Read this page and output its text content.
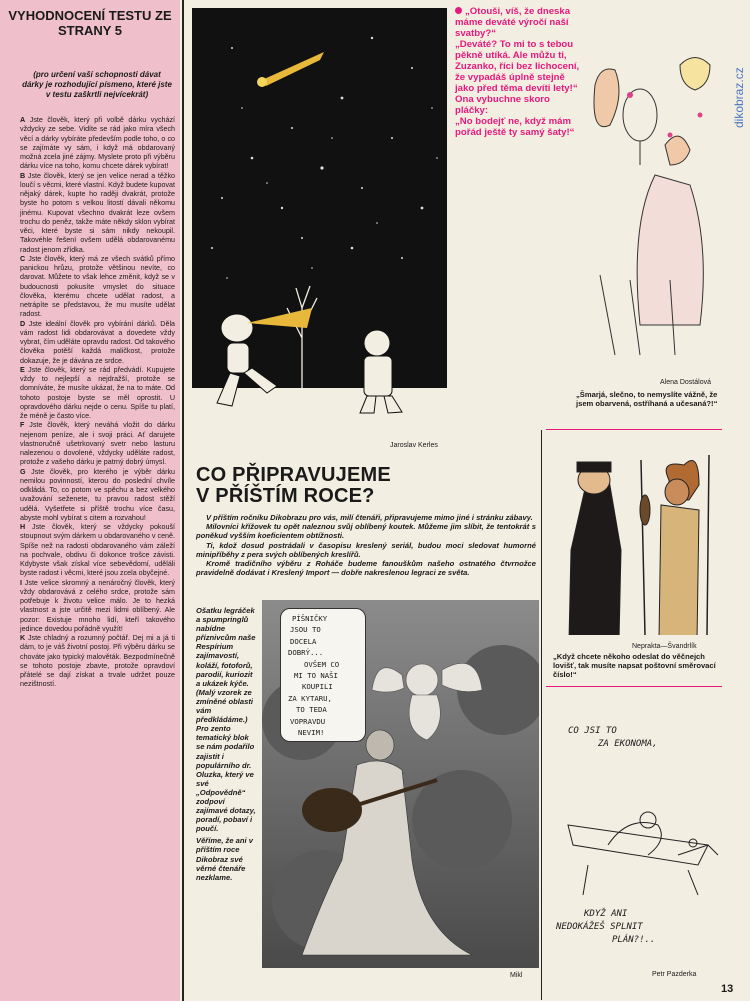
VYHODNOCENÍ TESTU ZE STRANY 5
(pro určení vaší schopnosti dávat dárky je rozhodující písmeno, které jste v testu zaškrtli nejvícekrát)

A Jste člověk, který při volbě dárku vychází vždycky ze sebe. Vidíte se rád jako míra všech věcí a dárky vybíráte především podle toho, o co se zajímáte vy sám, i když má obdarovaný možná zcela jiné zájmy. Myslete proto při výběru dárku více na toho, komu chcete dárek vybírat!

B Jste člověk, který se jen velice nerad a těžko loučí s věcmi, které vlastní. Když budete kupovat nějaký dárek, kupte ho raději dvakrát, protože byste ho potom s velkou litostí dávali někomu jinému. Kupovat všechno dvakrát leze ovšem trochu do peněz, takže máte někdy sklon vybírat věci, které byste si sám nikdy nekoupil. Takovéhle řešení ovšem udělá obdarovanému radost jenom zřídka.

C Jste člověk, který má ze všech svátků přímo panickou hrůzu, protože většinou nevíte, co darovat. Můžete to však lehce změnit, když se v budoucnosti pokusíte vmyslet do situace člověka, kterému chcete udělat radost, a netrápíte se představou, že mu musíte udělat radost.

D Jste ideální člověk pro vybírání dárků. Děla vám radost lidi obdarovávat a dovedete vždy vybrat, čím uděláte opravdu radost. Od takového člověka potěší každá maličkost, protože dokazuje, že je dávána ze srdce.

E Jste člověk, který se rád předvádí. Kupujete vždy to nejlepší a nejdražší, protože se domníváte, že musíte ukázat, že na to máte. Od tohoto postoje byste se měl oprostit. U opravdového dárku nejde o cenu. Spíše tu platí, že méně je často více.

F Jste člověk, který neváhá vložit do dárku nejenom peníze, ale i svoji práci. Ať darujete vlastnoručně ušetrkovaný svetr nebo lasturu nalezenou o dovolené, vždycky uděláte radost, protože z vašeho dárku je patrný dobrý úmysl.

G Jste člověk, pro kterého je výběr dárku nemilou povinností, kterou do poslední chvíle odkládá. To, co potom ve spěchu a bez velkého uvažování seženete, tu pravou radost stěží udělá. Vyšetřete si příště trochu více času, abyste mohl vybírat s citem a rozvahou!

H Jste člověk, který se vždycky pokouší stoupnout svým dárkem u obdarovaného v ceně. Spíše než na radosti obdarovaného vám záleží na pochvale, obdivu či dokonce trošce závisti. Kdybyste však získal více sebevědomí, uděláli byste radost i věcmi, které jsou zcela obyčejné.

I Jste velice skromný a nenáročný člověk, který vždy obdarovává z celého srdce, protože sám potřebuje k životu velice málo. Je to hezká vlastnost a jste určitě mezi lidmi oblíbený. Ale pozor: Existuje mnoho lidí, kteří takového jedince dovedou pořádně využít!

K Jste chladný a rozumný počtář. Dej mi a já ti dám, to je váš životní postoj. Při výběru dárku se chováte jako typický malověták. Bezpodmínečně se tohoto postoje zbavte, protože opravdoví přátelé se dají získat a trvale udržet pouze nezištností.

Jaroslav Kerles

„Otouši, víš, že dneska máme deváté výročí naší svatby?“

„Deváté? To mi to s tebou pěkně utíká. Ale můžu ti, Zuzanko, říci bez lichocení, že vypadáš úplně stejně jako před těma devíti lety!“

Ona vybuchne skoro pláčky:

„No bodejť ne, když mám pořád ještě ty samý šaty!“

dikobraz.cz
Alena Dostálová
„Šmarjá, slečno, to nemyslíte vážně, že jsem obarvená, ostříhaná a učesaná?!“
CO PŘIPRAVUJEME
V PŘÍŠTÍM ROCE?

V příštím ročníku Dikobrazu pro vás, milí čtenáři, připravujeme mimo jiné i stránku zábavy.

Milovníci křížovek tu opět naleznou svůj oblíbený koutek. Můžeme jim slíbit, že tentokrát s poněkud vyšším koeficientem obtížnosti.

Ti, kdož dosud postrádali v časopisu kreslený seriál, budou moci sledovat humorné minipříběhy z pera svých oblíbených kreslířů.

Kromě tradičního výběru z Roháče budeme fanouškům našeho ostnatého čtvrnožce pravidelně dodávat i Kreslený Import — dobře nakreslenou legraci ze světa.

Ošatku legráček a spumpringlů nabídne příznivcům naše Respírium zajímavostí, koláží, fotoforů, parodií, kuriozit a ukázek kýče. (Malý vzorek ze zmíněné oblasti vám předkládáme.) Pro zento tematický blok se nám podařilo zajistit i populárního dr. Oluzka, který ve své „Odpovědně“ zodpoví zajímavé dotazy, poradí, pobaví i poučí.

Věříme, že ani v příštím roce Dikobraz své věrné čtenáře nezklame.

PÍŠNIČKY
JSOU TO
DOCELA
DOBRÝ...
OVŠEM CO
MI TO NAŠI
KOUPILI
ZA KYTARU,
TO TEDA
VOPRAVDU
NEVIM!
Mikl
Neprakta—Švandrlík
„Když chcete někoho odeslat do věčnejch lovišť, tak musíte napsat poštovní směrovací číslo!“
CO JSI TO
ZA EKONOMA,
KDYŽ ANI
NEDOKÁŽEŠ SPLNIT
PLÁN?!..
Petr Pazderka
13
